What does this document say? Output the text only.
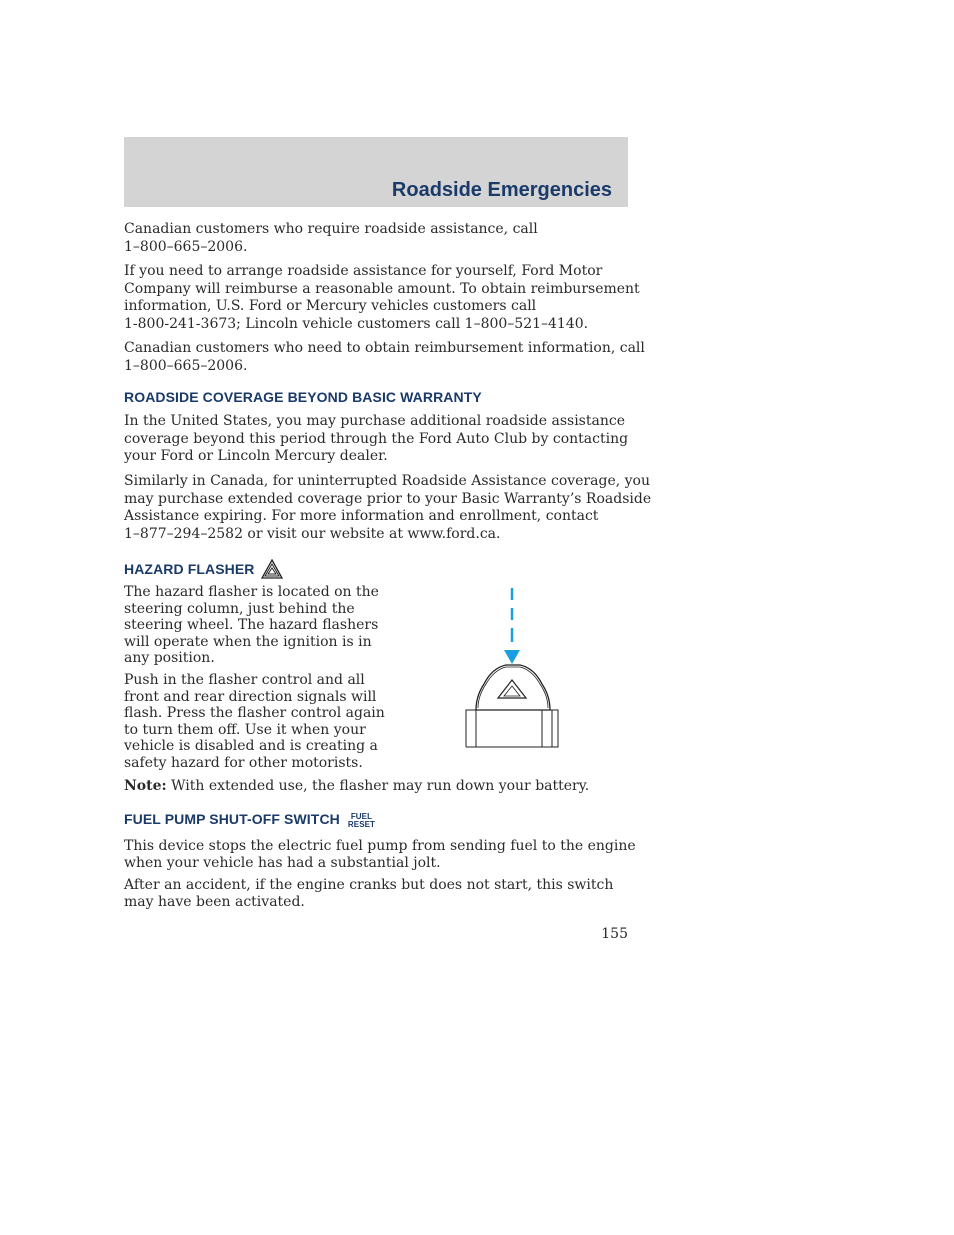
Roadside Emergencies

Canadian customers who require roadside assistance, call

1–800–665–2006.

If you need to arrange roadside assistance for yourself, Ford Motor

Company will reimburse a reasonable amount. To obtain reimbursement

information, U.S. Ford or Mercury vehicles customers call

1-800-241-3673; Lincoln vehicle customers call 1–800–521–4140.

Canadian customers who need to obtain reimbursement information, call

1–800–665–2006.

ROADSIDE COVERAGE BEYOND BASIC WARRANTY

In the United States, you may purchase additional roadside assistance

coverage beyond this period through the Ford Auto Club by contacting

your Ford or Lincoln Mercury dealer.

Similarly in Canada, for uninterrupted Roadside Assistance coverage, you

may purchase extended coverage prior to your Basic Warranty’s Roadside

Assistance expiring. For more information and enrollment, contact

1–877–294–2582 or visit our website at www.ford.ca.

HAZARD FLASHER

The hazard flasher is located on the

steering column, just behind the

steering wheel. The hazard flashers

will operate when the ignition is in

any position.

Push in the flasher control and all

front and rear direction signals will

flash. Press the flasher control again

to turn them off. Use it when your

vehicle is disabled and is creating a

safety hazard for other motorists.

Note: With extended use, the flasher may run down your battery.

FUEL PUMP SHUT-OFF SWITCH FUEL
RESET

This device stops the electric fuel pump from sending fuel to the engine

when your vehicle has had a substantial jolt.

After an accident, if the engine cranks but does not start, this switch

may have been activated.

155
